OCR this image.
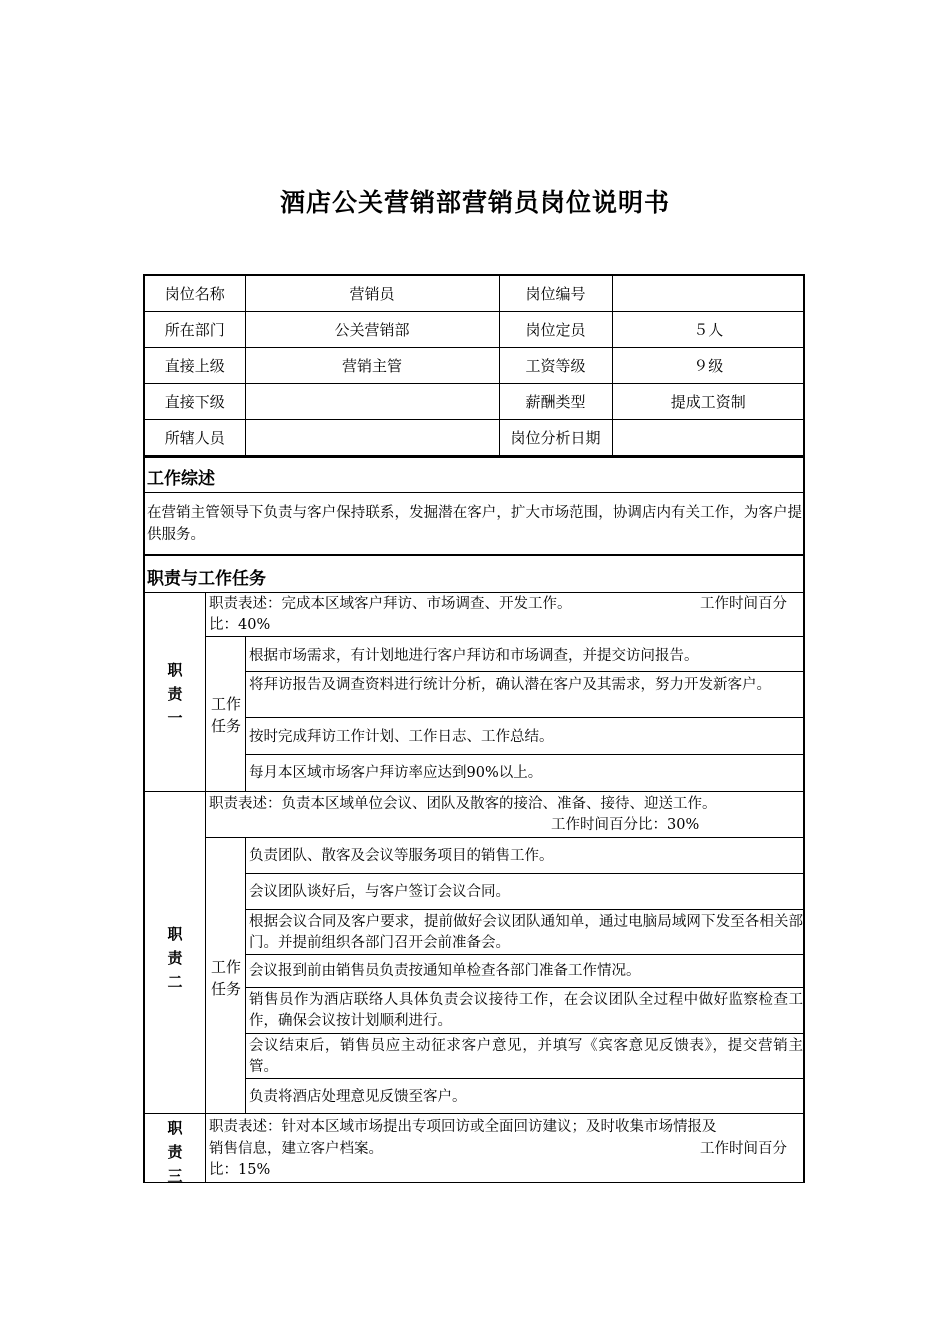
酒店公关营销部营销员岗位说明书
岗位名称	营销员	岗位编号	
所在部门	公关营销部	岗位定员	５人
直接上级	营销主管	工资等级	９级
直接下级		薪酬类型	提成工资制
所辖人员		岗位分析日期	
工作综述
在营销主管领导下负责与客户保持联系，发掘潜在客户，扩大市场范围，协调店内有关工作，为客户提供服务。
职责与工作任务
职责表述：完成本区域客户拜访、市场调查、开发工作。	工作时间百分
比：40%
职责一
工作任务
根据市场需求，有计划地进行客户拜访和市场调查，并提交访问报告。
将拜访报告及调查资料进行统计分析，确认潜在客户及其需求，努力开发新客户。
按时完成拜访工作计划、工作日志、工作总结。
每月本区域市场客户拜访率应达到90%以上。
职责表述：负责本区域单位会议、团队及散客的接洽、准备、接待、迎送工作。
工作时间百分比：30%
职责二
工作任务
负责团队、散客及会议等服务项目的销售工作。
会议团队谈好后，与客户签订会议合同。
根据会议合同及客户要求，提前做好会议团队通知单，通过电脑局域网下发至各相关部门。并提前组织各部门召开会前准备会。
会议报到前由销售员负责按通知单检查各部门准备工作情况。
销售员作为酒店联络人具体负责会议接待工作，在会议团队全过程中做好监察检查工作，确保会议按计划顺利进行。
会议结束后，销售员应主动征求客户意见，并填写《宾客意见反馈表》，提交营销主管。
负责将酒店处理意见反馈至客户。
职责三
职责表述：针对本区域市场提出专项回访或全面回访建议；及时收集市场情报及
销售信息，建立客户档案。	工作时间百分
比：15%
